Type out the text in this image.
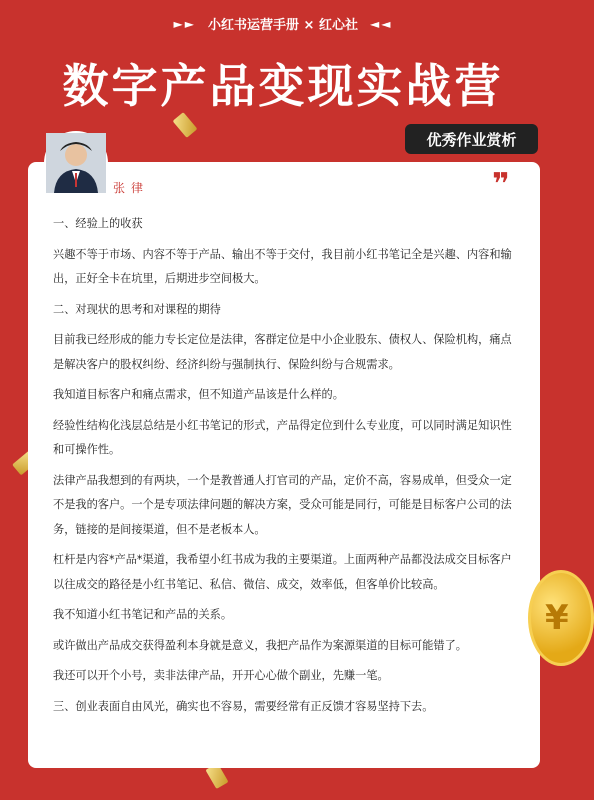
►► 小红书运营手册 × 红心社 ◄◄
数字产品变现实战营
优秀作业赏析
张律	❞

一、经验上的收获

兴趣不等于市场、内容不等于产品、输出不等于交付，我目前小红书笔记全是兴趣、内容和输出，正好全卡在坑里，后期进步空间极大。

二、对现状的思考和对课程的期待

目前我已经形成的能力专长定位是法律，客群定位是中小企业股东、债权人、保险机构，痛点是解决客户的股权纠纷、经济纠纷与强制执行、保险纠纷与合规需求。

我知道目标客户和痛点需求，但不知道产品该是什么样的。

经验性结构化浅层总结是小红书笔记的形式，产品得定位到什么专业度，可以同时满足知识性和可操作性。

法律产品我想到的有两块，一个是教普通人打官司的产品，定价不高，容易成单，但受众一定不是我的客户。一个是专项法律问题的解决方案，受众可能是同行，可能是目标客户公司的法务，链接的是间接渠道，但不是老板本人。

杠杆是内容*产品*渠道，我希望小红书成为我的主要渠道。上面两种产品都没法成交目标客户以往成交的路径是小红书笔记、私信、微信、成交，效率低，但客单价比较高。

我不知道小红书笔记和产品的关系。

或许做出产品成交获得盈利本身就是意义，我把产品作为案源渠道的目标可能错了。

我还可以开个小号，卖非法律产品，开开心心做个副业，先赚一笔。

三、创业表面自由风光，确实也不容易，需要经常有正反馈才容易坚持下去。

¥
